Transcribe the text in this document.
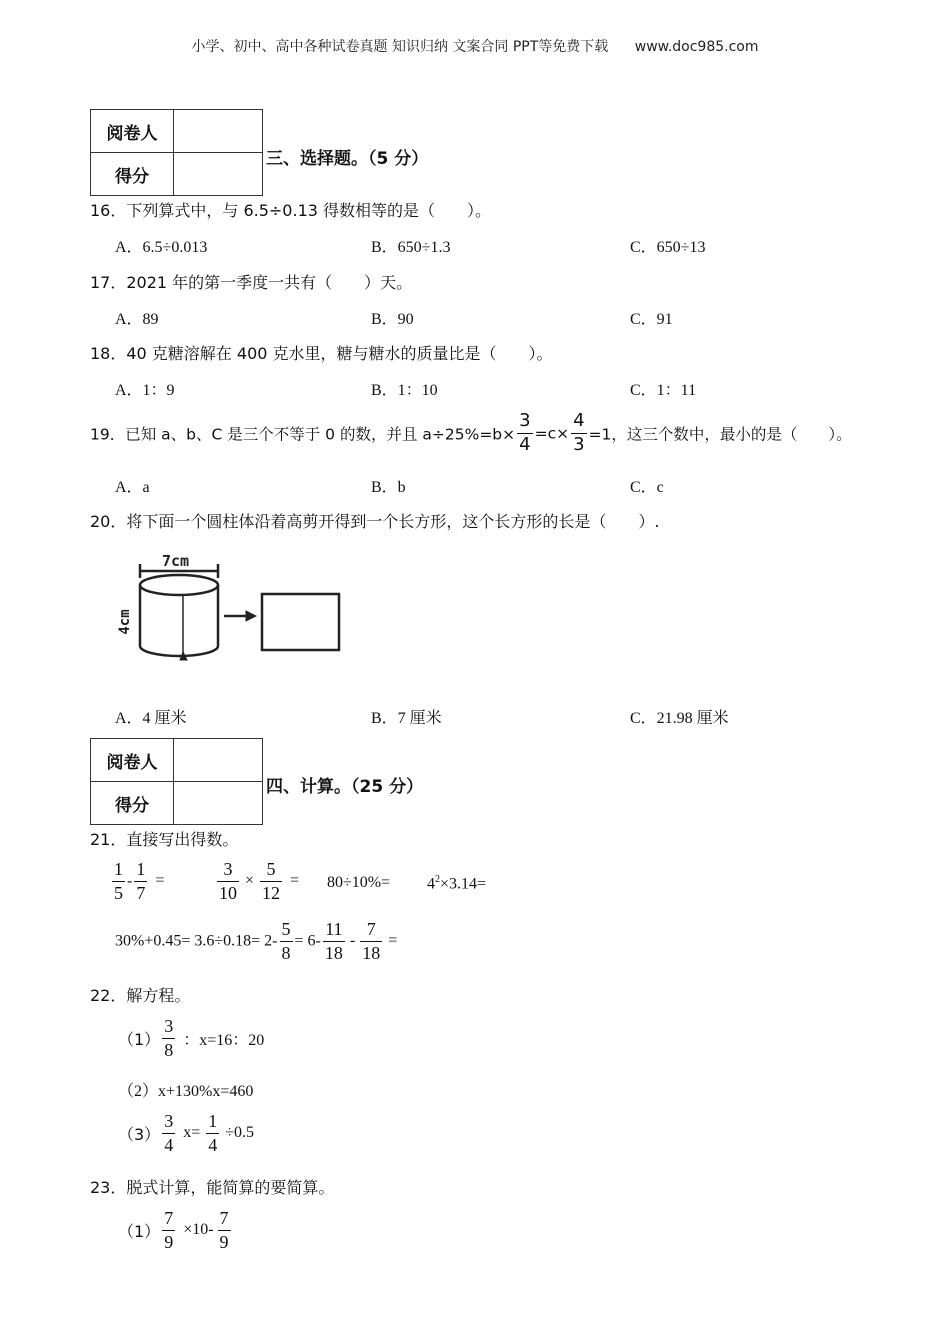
小学、初中、高中各种试卷真题 知识归纳 文案合同 PPT等免费下载 www.doc985.com
阅卷人	
得分	
三、选择题。（5 分）
16．下列算式中，与 6.5÷0.13 得数相等的是（　　）。
A．6.5÷0.013	B．650÷1.3	C．650÷13
17．2021 年的第一季度一共有（　　）天。
A．89	B．90	C．91
18．40 克糖溶解在 400 克水里，糖与糖水的质量比是（　　）。
A．1：9	B．1：10	C．1：11
19．已知 a、b、C 是三个不等于 0 的数，并且 $a\div 25\%=b\times \frac{3}{4} =c\times \frac{4}{3} =1$，这三个数中，最小的是（　　）。
A．a	B．b	C．c
20．将下面一个圆柱体沿着高剪开得到一个长方形，这个长方形的长是（　　）.
7cm
4cm
A．4 厘米	B．7 厘米	C．21.98 厘米
阅卷人	
得分	
四、计算。（25 分）
21．直接写出得数。
$\frac{1}{5} - \frac{1}{7}$ =	$\frac{3}{10} \times \frac{5}{12} = 80\div 10\%= 4^2\times 3.14=$
$30\%+0.45= 3.6\div 0.18= 2- \frac{5}{8} = 6- \frac{11}{18} - \frac{7}{18}$ =
22．解方程。
$(1) \frac{3}{8}$ ：x=16：20
（2）x+130%x=460
$(3) \frac{3}{4} x= \frac{1}{4} \div 0.5$
23．脱式计算，能简算的要简算。
$(1) \frac{7}{9} \times 10- \frac{7}{9}$
